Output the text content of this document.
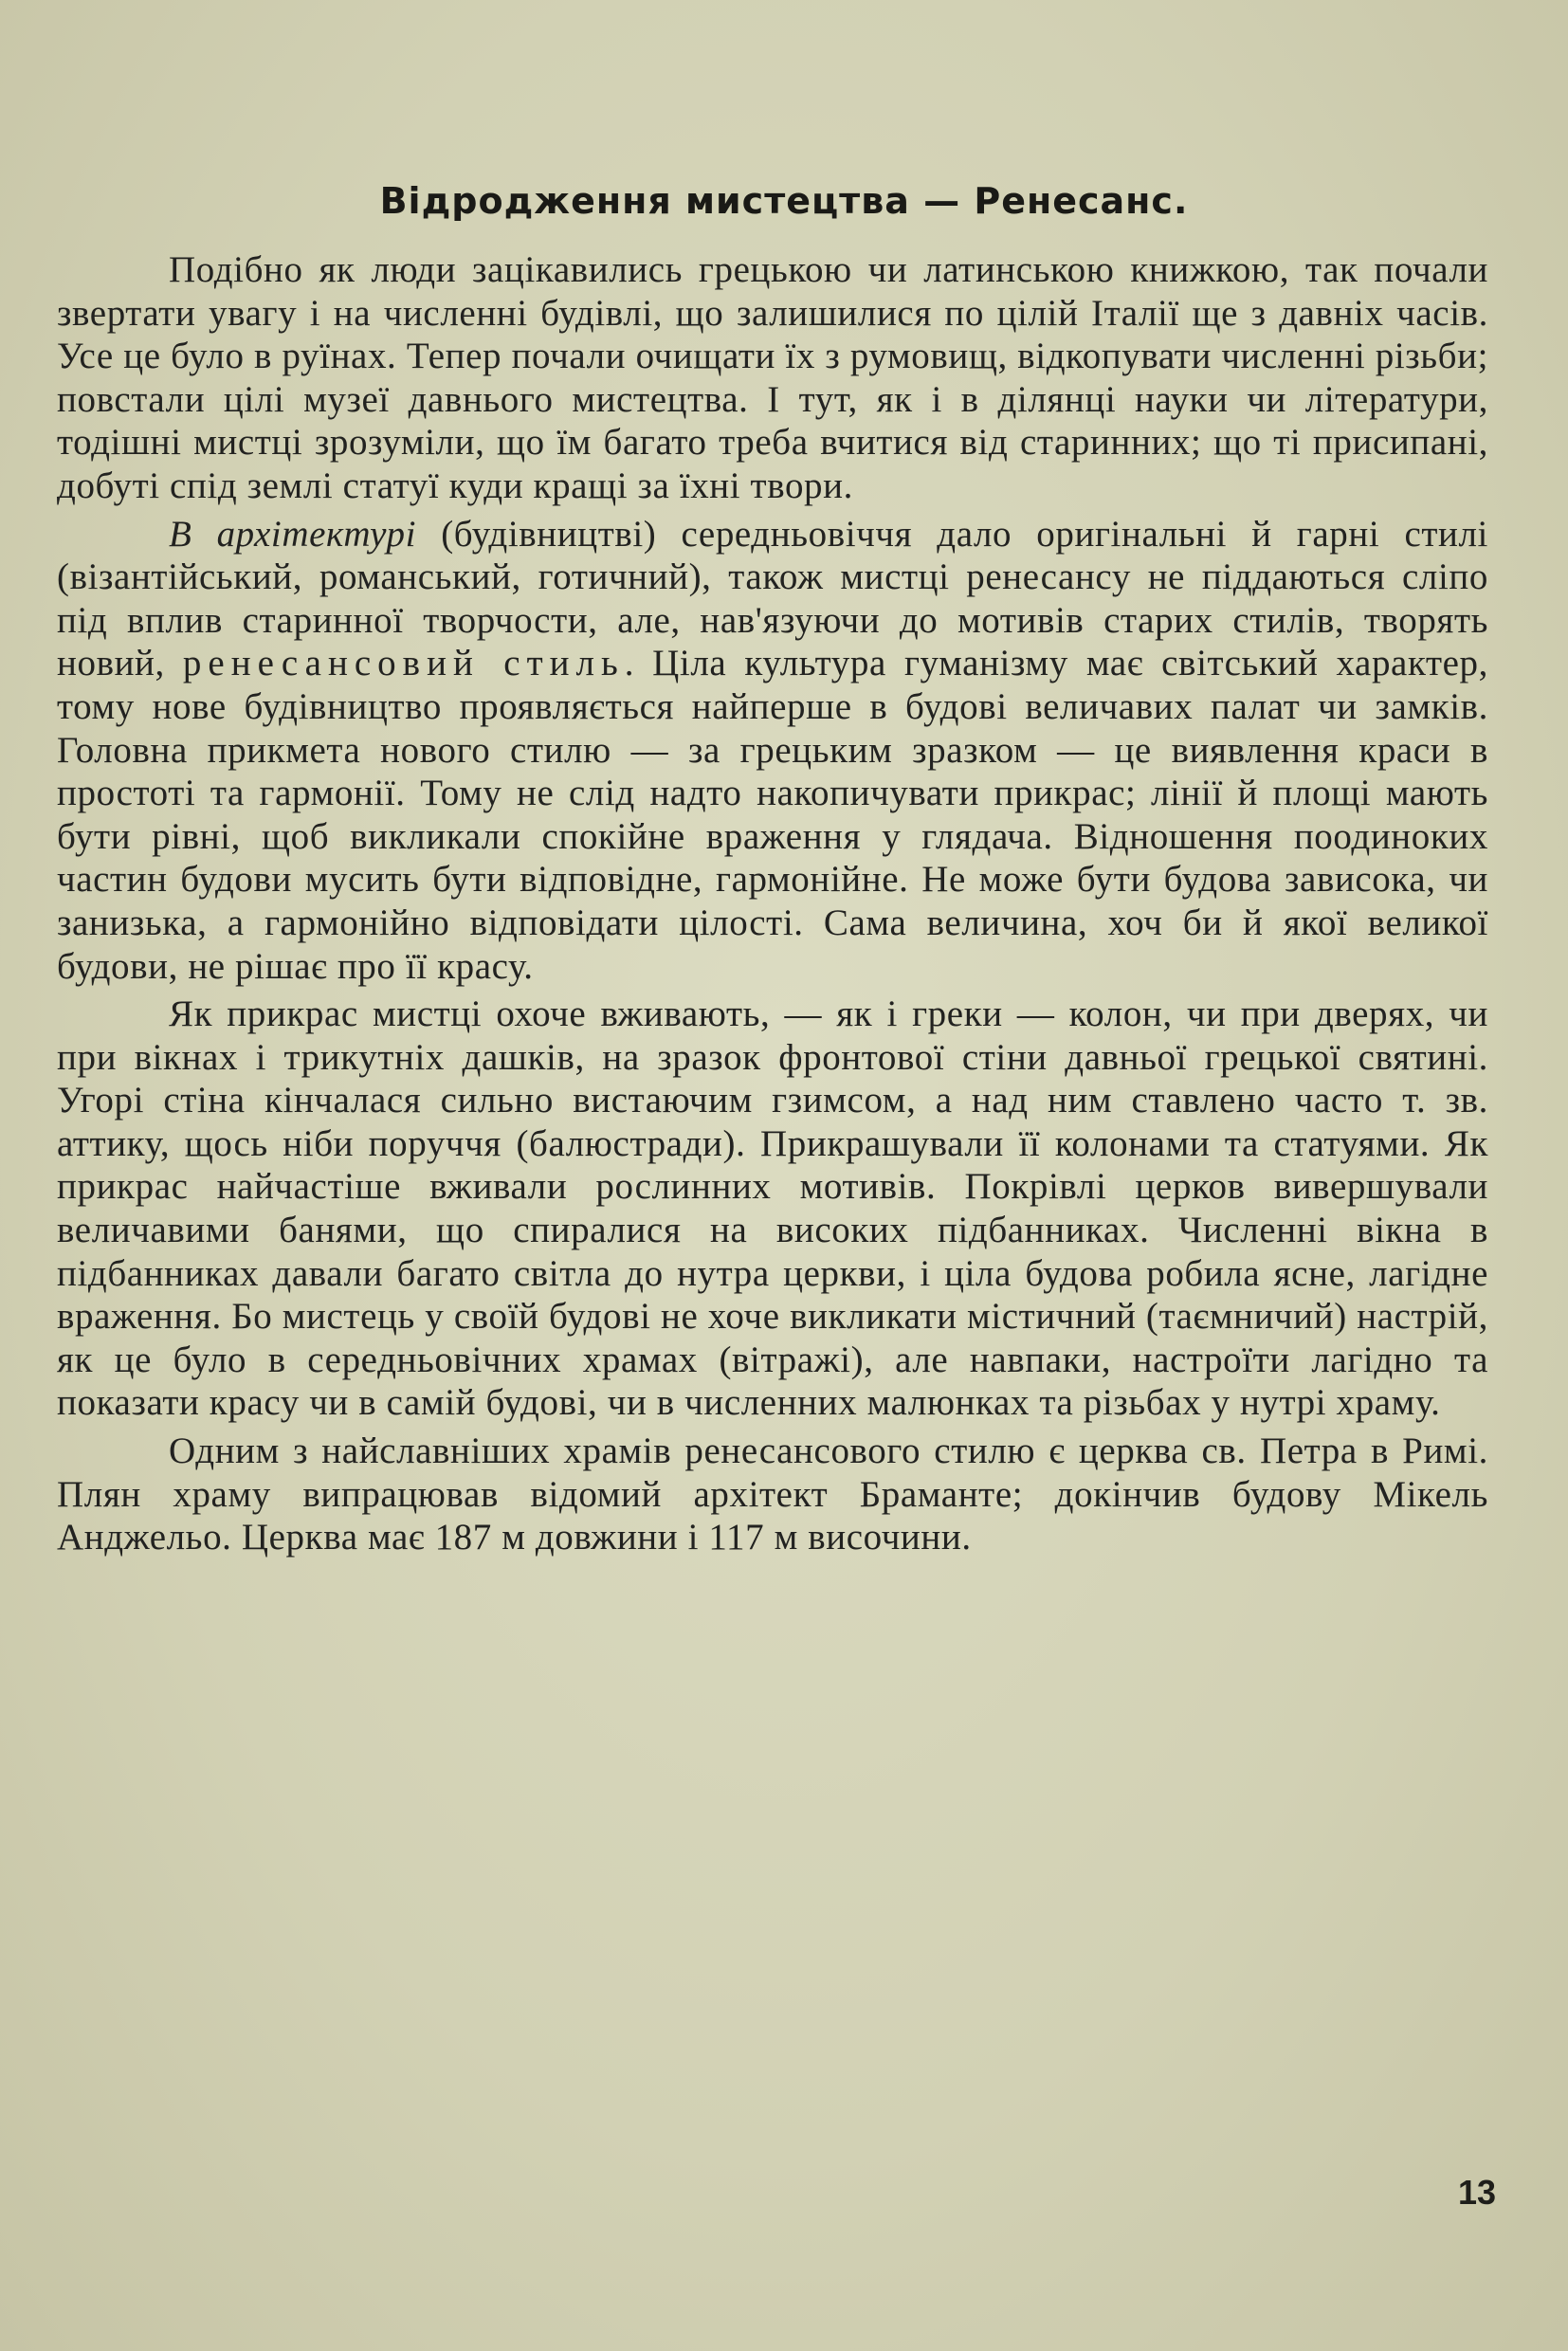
Відродження мистецтва — Ренесанс.

Подібно як люди зацікавились грецькою чи латинською книжкою, так почали звертати увагу і на численні будівлі, що залишилися по цілій Італії ще з давніх часів. Усе це було в руїнах. Тепер почали очищати їх з румовищ, відкопувати численні різьби; повстали цілі музеї давнього мистецтва. І тут, як і в ділянці науки чи літератури, тодішні мистці зрозуміли, що їм багато треба вчитися від старинних; що ті присипані, добуті спід землі статуї куди кращі за їхні твори.

В архітектурі (будівництві) середньовіччя дало оригінальні й гарні стилі (візантійський, романський, готичний), також мистці ренесансу не піддаються сліпо під вплив старинної творчости, але, нав'язуючи до мотивів старих стилів, творять новий, ренесансовий стиль. Ціла культура гуманізму має світський характер, тому нове будівництво проявляється найперше в будові величавих палат чи замків. Головна прикмета нового стилю — за грецьким зразком — це виявлення краси в простоті та гармонії. Тому не слід надто накопичувати прикрас; лінії й площі мають бути рівні, щоб викликали спокійне враження у глядача. Відношення поодиноких частин будови мусить бути відповідне, гармонійне. Не може бути будова зависока, чи занизька, а гармонійно відповідати цілості. Сама величина, хоч би й якої великої будови, не рішає про її красу.

Як прикрас мистці охоче вживають, — як і греки — колон, чи при дверях, чи при вікнах і трикутніх дашків, на зразок фронтової стіни давньої грецької святині. Угорі стіна кінчалася сильно вистаючим гзимсом, а над ним ставлено часто т. зв. аттику, щось ніби поруччя (балюстради). Прикрашували її колонами та статуями. Як прикрас найчастіше вживали рослинних мотивів. Покрівлі церков вивершували величавими банями, що спиралися на високих підбанниках. Численні вікна в підбанниках давали багато світла до нутра церкви, і ціла будова робила ясне, лагідне враження. Бо мистець у своїй будові не хоче викликати містичний (таємничий) настрій, як це було в середньовічних храмах (вітражі), але навпаки, настроїти лагідно та показати красу чи в самій будові, чи в численних малюнках та різьбах у нутрі храму.

Одним з найславніших храмів ренесансового стилю є церква св. Петра в Римі. Плян храму випрацював відомий архітект Браманте; докінчив будову Мікель Анджельо. Церква має 187 м довжини і 117 м височини.

13
